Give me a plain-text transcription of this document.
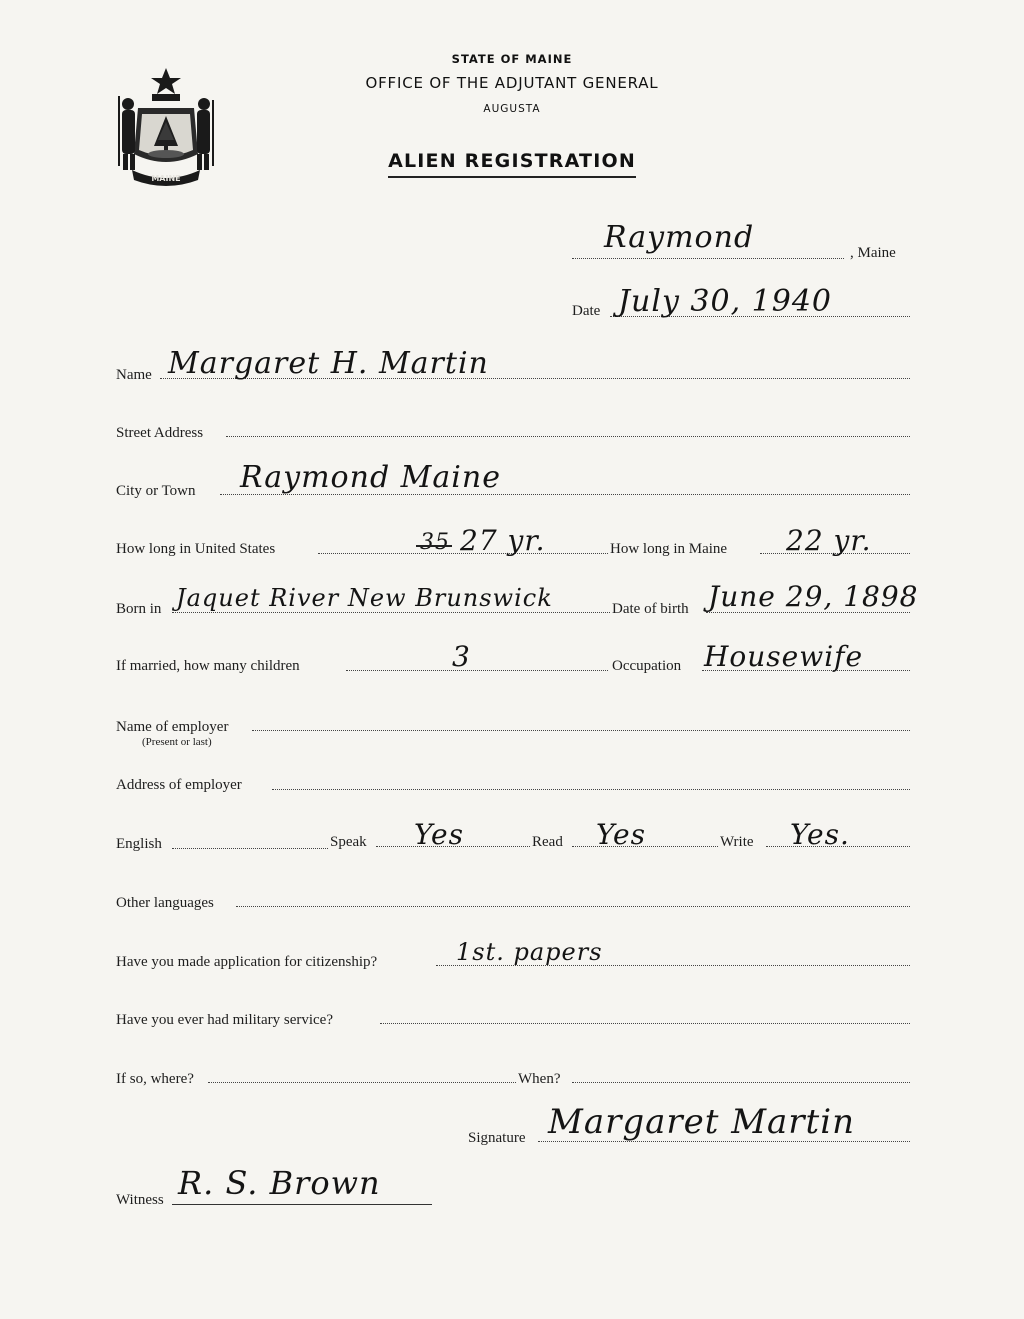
MAINE
STATE OF MAINE
OFFICE OF THE ADJUTANT GENERAL
AUGUSTA
ALIEN REGISTRATION
Raymond	, Maine
Date July 30, 1940
Name Margaret H. Martin
Street Address
City or Town Raymond Maine
How long in United States	35 27 yr.	How long in Maine 22 yr.
Born in Jaquet River New Brunswick	Date of birth June 29, 1898
If married, how many children	3	Occupation Housewife
Name of employer
(Present or last)
Address of employer
English	Speak Yes	Read Yes	Write Yes.
Other languages
Have you made application for citizenship?	1st. papers
Have you ever had military service?
If so, where?	When?
Signature Margaret Martin
Witness R. S. Brown
